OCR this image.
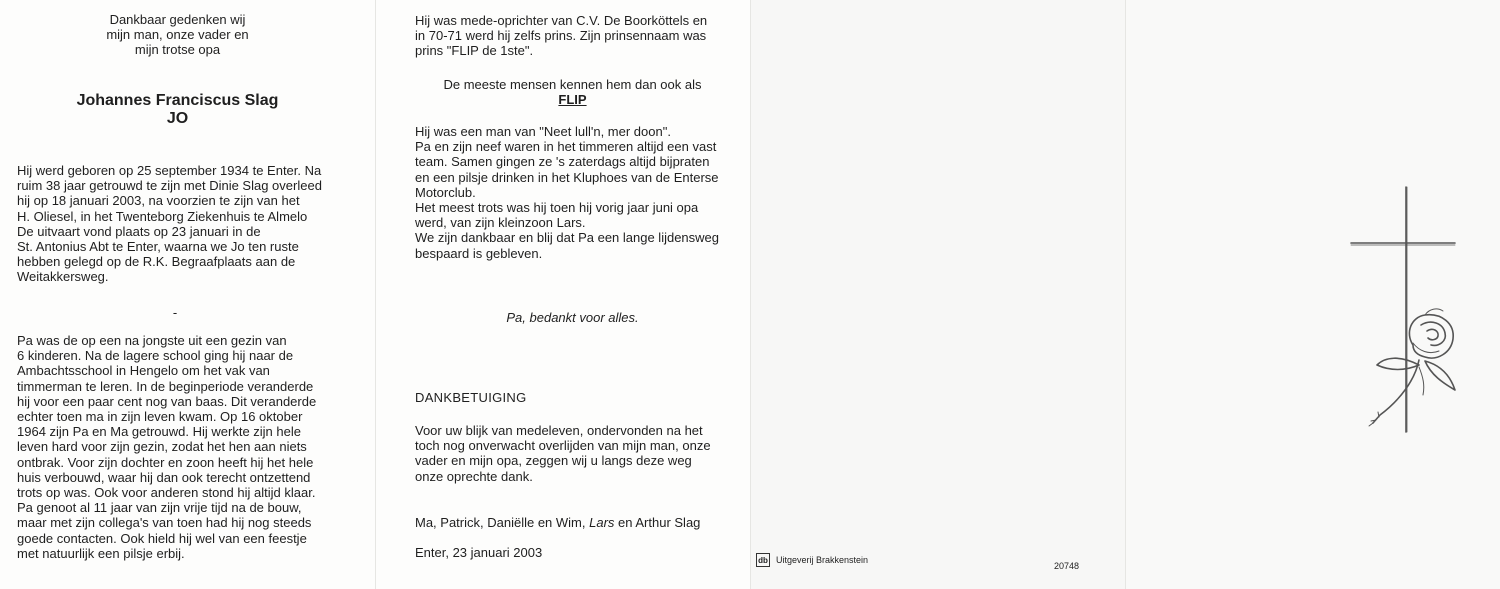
Dankbaar gedenken wij
mijn man, onze vader en
mijn trotse opa
Johannes Franciscus Slag
JO
Hij werd geboren op 25 september 1934 te Enter. Na
ruim 38 jaar getrouwd te zijn met Dinie Slag overleed
hij op 18 januari 2003, na voorzien te zijn van het
H. Oliesel, in het Twenteborg Ziekenhuis te Almelo
De uitvaart vond plaats op 23 januari in de
St. Antonius Abt te Enter, waarna we Jo ten ruste
hebben gelegd op de R.K. Begraafplaats aan de
Weitakkersweg.
-
Pa was de op een na jongste uit een gezin van
6 kinderen. Na de lagere school ging hij naar de
Ambachtsschool in Hengelo om het vak van
timmerman te leren. In de beginperiode veranderde
hij voor een paar cent nog van baas. Dit veranderde
echter toen ma in zijn leven kwam. Op 16 oktober
1964 zijn Pa en Ma getrouwd. Hij werkte zijn hele
leven hard voor zijn gezin, zodat het hen aan niets
ontbrak. Voor zijn dochter en zoon heeft hij het hele
huis verbouwd, waar hij dan ook terecht ontzettend
trots op was. Ook voor anderen stond hij altijd klaar.
Pa genoot al 11 jaar van zijn vrije tijd na de bouw,
maar met zijn collega's van toen had hij nog steeds
goede contacten. Ook hield hij wel van een feestje
met natuurlijk een pilsje erbij.
Hij was mede-oprichter van C.V. De Boorköttels en
in 70-71 werd hij zelfs prins. Zijn prinsennaam was
prins "FLIP de 1ste".
De meeste mensen kennen hem dan ook als
FLIP
Hij was een man van "Neet lull'n, mer doon".
Pa en zijn neef waren in het timmeren altijd een vast
team. Samen gingen ze 's zaterdags altijd bijpraten
en een pilsje drinken in het Kluphoes van de Enterse
Motorclub.
Het meest trots was hij toen hij vorig jaar juni opa
werd, van zijn kleinzoon Lars.
We zijn dankbaar en blij dat Pa een lange lijdensweg
bespaard is gebleven.
Pa, bedankt voor alles.
DANKBETUIGING
Voor uw blijk van medeleven, ondervonden na het
toch nog onverwacht overlijden van mijn man, onze
vader en mijn opa, zeggen wij u langs deze weg
onze oprechte dank.
Ma, Patrick, Daniëlle en Wim, Lars en Arthur Slag
Enter, 23 januari 2003
db Uitgeverij Brakkenstein
20748
